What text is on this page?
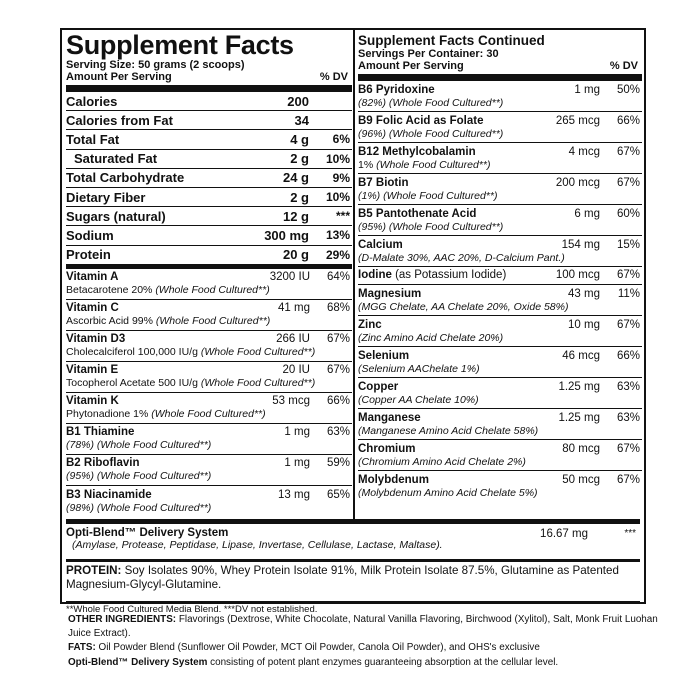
Supplement Facts
Serving Size: 50 grams (2 scoops)
Amount Per Serving	% DV
Calories	200
Calories from Fat	34
Total Fat	4 g	6%
Saturated Fat	2 g	10%
Total Carbohydrate	24 g	9%
Dietary Fiber	2 g	10%
Sugars (natural)	12 g	***
Sodium	300 mg	13%
Protein	20 g	29%
Vitamin A	3200 IU	64%
Betacarotene 20% (Whole Food Cultured**)
Vitamin C	41 mg	68%
Ascorbic Acid 99% (Whole Food Cultured**)
Vitamin D3	266 IU	67%
Cholecalciferol 100,000 IU/g (Whole Food Cultured**)
Vitamin E	20 IU	67%
Tocopherol Acetate 500 IU/g (Whole Food Cultured**)
Vitamin K	53 mcg	66%
Phytonadione 1% (Whole Food Cultured**)
B1 Thiamine	1 mg	63%
(78%) (Whole Food Cultured**)
B2 Riboflavin	1 mg	59%
(95%) (Whole Food Cultured**)
B3 Niacinamide	13 mg	65%
(98%) (Whole Food Cultured**)
Supplement Facts Continued
Servings Per Container: 30
Amount Per Serving	% DV
B6 Pyridoxine	1 mg	50%
(82%) (Whole Food Cultured**)
B9 Folic Acid as Folate	265 mcg	66%
(96%) (Whole Food Cultured**)
B12 Methylcobalamin	4 mcg	67%
1% (Whole Food Cultured**)
B7 Biotin	200 mcg	67%
(1%) (Whole Food Cultured**)
B5 Pantothenate Acid	6 mg	60%
(95%) (Whole Food Cultured**)
Calcium	154 mg	15%
(D-Malate 30%, AAC 20%, D-Calcium Pant.)
Iodine (as Potassium Iodide)	100 mcg	67%
Magnesium	43 mg	11%
(MGG Chelate, AA Chelate 20%, Oxide 58%)
Zinc	10 mg	67%
(Zinc Amino Acid Chelate 20%)
Selenium	46 mcg	66%
(Selenium AAChelate 1%)
Copper	1.25 mg	63%
(Copper AA Chelate 10%)
Manganese	1.25 mg	63%
(Manganese Amino Acid Chelate 58%)
Chromium	80 mcg	67%
(Chromium Amino Acid Chelate 2%)
Molybdenum	50 mcg	67%
(Molybdenum Amino Acid Chelate 5%)
Opti-Blend™ Delivery System	16.67 mg	***
(Amylase, Protease, Peptidase, Lipase, Invertase, Cellulase, Lactase, Maltase).
PROTEIN: Soy Isolates 90%, Whey Protein Isolate 91%, Milk Protein Isolate 87.5%, Glutamine as Patented Magnesium-Glycyl-Glutamine.
**Whole Food Cultured Media Blend. ***DV not established.

OTHER INGREDIENTS: Flavorings (Dextrose, White Chocolate, Natural Vanilla Flavoring, Birchwood (Xylitol), Salt, Monk Fruit Luohan Juice Extract).

FATS: Oil Powder Blend (Sunflower Oil Powder, MCT Oil Powder, Canola Oil Powder), and OHS's exclusive

Opti-Blend™ Delivery System consisting of potent plant enzymes guaranteeing absorption at the cellular level.
